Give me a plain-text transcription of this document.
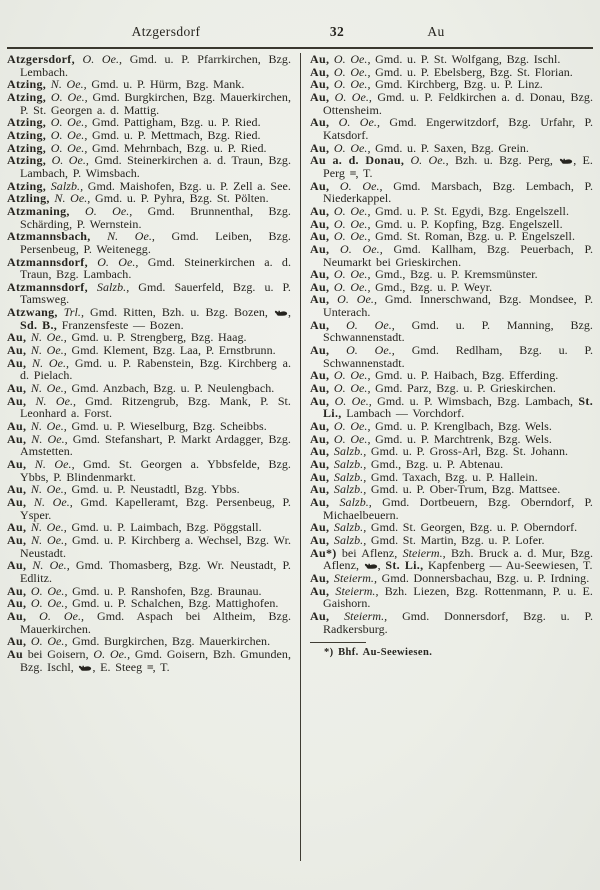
Atzgersdorf	32	Au

Atzgersdorf, O. Oe., Gmd. u. P. Pfarrkirchen, Bzg. Lembach.

Atzing, N. Oe., Gmd. u. P. Hürm, Bzg. Mank.

Atzing, O. Oe., Gmd. Burgkirchen, Bzg. Mauerkirchen, P. St. Georgen a. d. Mattig.

Atzing, O. Oe., Gmd. Pattigham, Bzg. u. P. Ried.

Atzing, O. Oe., Gmd. u. P. Mettmach, Bzg. Ried.

Atzing, O. Oe., Gmd. Mehrnbach, Bzg. u. P. Ried.

Atzing, O. Oe., Gmd. Steinerkirchen a. d. Traun, Bzg. Lambach, P. Wimsbach.

Atzing, Salzb., Gmd. Maishofen, Bzg. u. P. Zell a. See.

Atzling, N. Oe., Gmd. u. P. Pyhra, Bzg. St. Pölten.

Atzmaning, O. Oe., Gmd. Brunnenthal, Bzg. Schärding, P. Wernstein.

Atzmannsbach, N. Oe., Gmd. Leiben, Bzg. Persenbeug, P. Weitenegg.

Atzmannsdorf, O. Oe., Gmd. Steinerkirchen a. d. Traun, Bzg. Lambach.

Atzmannsdorf, Salzb., Gmd. Sauerfeld, Bzg. u. P. Tamsweg.

Atzwang, Trl., Gmd. Ritten, Bzh. u. Bzg. Bozen,
, Sd. B., Franzensfeste — Bozen.

Au, N. Oe., Gmd. u. P. Strengberg, Bzg. Haag.

Au, N. Oe., Gmd. Klement, Bzg. Laa, P. Ernstbrunn.

Au, N. Oe., Gmd. u. P. Rabenstein, Bzg. Kirchberg a. d. Pielach.

Au, N. Oe., Gmd. Anzbach, Bzg. u. P. Neulengbach.

Au, N. Oe., Gmd. Ritzengrub, Bzg. Mank, P. St. Leonhard a. Forst.

Au, N. Oe., Gmd. u. P. Wieselburg, Bzg. Scheibbs.

Au, N. Oe., Gmd. Stefanshart, P. Markt Ardagger, Bzg. Amstetten.

Au, N. Oe., Gmd. St. Georgen a. Ybbsfelde, Bzg. Ybbs, P. Blindenmarkt.

Au, N. Oe., Gmd. u. P. Neustadtl, Bzg. Ybbs.

Au, N. Oe., Gmd. Kapelleramt, Bzg. Persenbeug, P. Ysper.

Au, N. Oe., Gmd. u. P. Laimbach, Bzg. Pöggstall.

Au, N. Oe., Gmd. u. P. Kirchberg a. Wechsel, Bzg. Wr. Neustadt.

Au, N. Oe., Gmd. Thomasberg, Bzg. Wr. Neustadt, P. Edlitz.

Au, O. Oe., Gmd. u. P. Ranshofen, Bzg. Braunau.

Au, O. Oe., Gmd. u. P. Schalchen, Bzg. Mattighofen.

Au, O. Oe., Gmd. Aspach bei Altheim, Bzg. Mauerkirchen.

Au, O. Oe., Gmd. Burgkirchen, Bzg. Mauerkirchen.

Au bei Goisern, O. Oe., Gmd. Goisern, Bzh. Gmunden, Bzg. Ischl,
, E. Steeg =, T.

Au, O. Oe., Gmd. u. P. St. Wolfgang, Bzg. Ischl.

Au, O. Oe., Gmd. u. P. Ebelsberg, Bzg. St. Florian.

Au, O. Oe., Gmd. Kirchberg, Bzg. u. P. Linz.

Au, O. Oe., Gmd. u. P. Feldkirchen a. d. Donau, Bzg. Ottensheim.

Au, O. Oe., Gmd. Engerwitzdorf, Bzg. Urfahr, P. Katsdorf.

Au, O. Oe., Gmd. u. P. Saxen, Bzg. Grein.

Au a. d. Donau, O. Oe., Bzh. u. Bzg. Perg,
, E. Perg =, T.

Au, O. Oe., Gmd. Marsbach, Bzg. Lembach, P. Niederkappel.

Au, O. Oe., Gmd. u. P. St. Egydi, Bzg. Engelszell.

Au, O. Oe., Gmd. u. P. Kopfing, Bzg. Engelszell.

Au, O. Oe., Gmd. St. Roman, Bzg. u. P. Engelszell.

Au, O. Oe., Gmd. Kallham, Bzg. Peuerbach, P. Neumarkt bei Grieskirchen.

Au, O. Oe., Gmd., Bzg. u. P. Kremsmünster.

Au, O. Oe., Gmd., Bzg. u. P. Weyr.

Au, O. Oe., Gmd. Innerschwand, Bzg. Mondsee, P. Unterach.

Au, O. Oe., Gmd. u. P. Manning, Bzg. Schwannenstadt.

Au, O. Oe., Gmd. Redlham, Bzg. u. P. Schwannenstadt.

Au, O. Oe., Gmd. u. P. Haibach, Bzg. Efferding.

Au, O. Oe., Gmd. Parz, Bzg. u. P. Grieskirchen.

Au, O. Oe., Gmd. u. P. Wimsbach, Bzg. Lambach, St. Li., Lambach — Vorchdorf.

Au, O. Oe., Gmd. u. P. Krenglbach, Bzg. Wels.

Au, O. Oe., Gmd. u. P. Marchtrenk, Bzg. Wels.

Au, Salzb., Gmd. u. P. Gross-Arl, Bzg. St. Johann.

Au, Salzb., Gmd., Bzg. u. P. Abtenau.

Au, Salzb., Gmd. Taxach, Bzg. u. P. Hallein.

Au, Salzb., Gmd. u. P. Ober-Trum, Bzg. Mattsee.

Au, Salzb., Gmd. Dortbeuern, Bzg. Oberndorf, P. Michaelbeuern.

Au, Salzb., Gmd. St. Georgen, Bzg. u. P. Oberndorf.

Au, Salzb., Gmd. St. Martin, Bzg. u. P. Lofer.

Au*) bei Aflenz, Steierm., Bzh. Bruck a. d. Mur, Bzg. Aflenz,
, St. Li., Kapfenberg — Au-Seewiesen, T.

Au, Steierm., Gmd. Donnersbachau, Bzg. u. P. Irdning.

Au, Steierm., Bzh. Liezen, Bzg. Rottenmann, P. u. E. Gaishorn.

Au, Steierm., Gmd. Donnersdorf, Bzg. u. P. Radkersburg.

*) Bhf. Au-Seewiesen.
